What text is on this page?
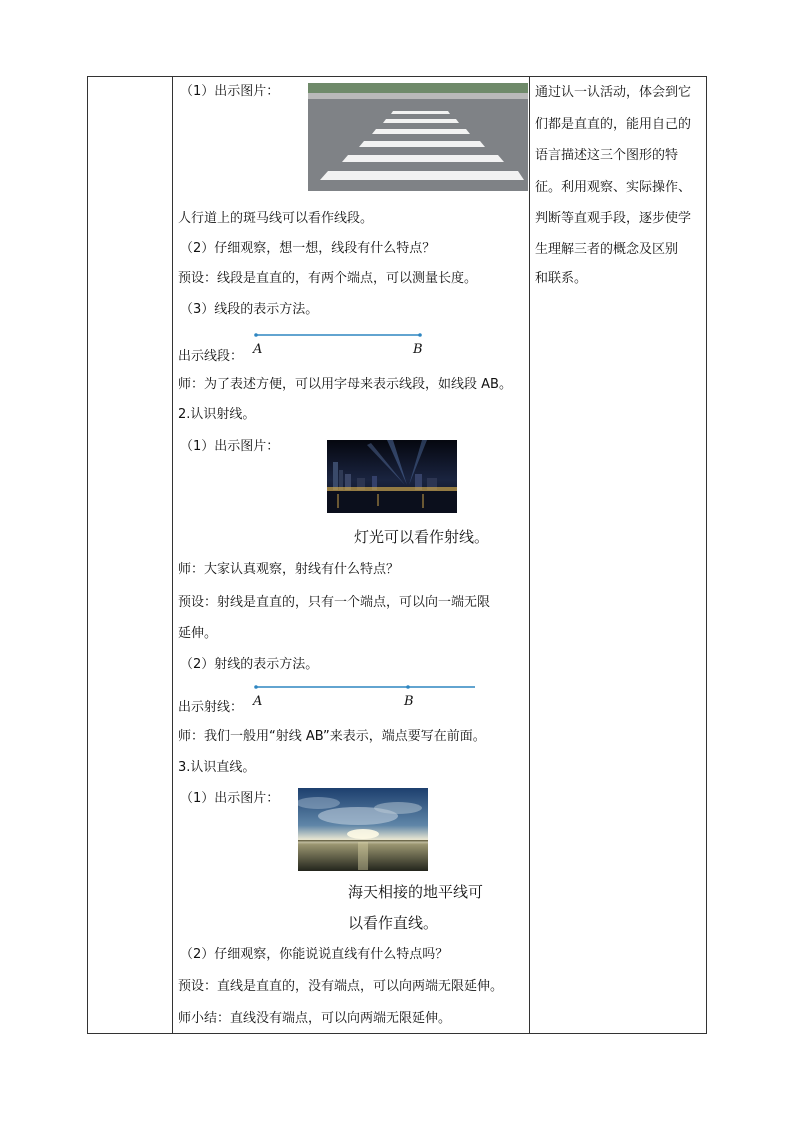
（1）出示图片：
人行道上的斑马线可以看作线段。
（2）仔细观察，想一想，线段有什么特点？
预设：线段是直直的，有两个端点，可以测量长度。
（3）线段的表示方法。
出示线段： A	B
师：为了表述方便，可以用字母来表示线段，如线段 AB。
2.认识射线。
（1）出示图片：
灯光可以看作射线。
师：大家认真观察，射线有什么特点？
预设：射线是直直的，只有一个端点，可以向一端无限
延伸。
（2）射线的表示方法。
出示射线： A	B
师：我们一般用“射线 AB”来表示，端点要写在前面。
3.认识直线。
（1）出示图片：
海天相接的地平线可
以看作直线。
（2）仔细观察，你能说说直线有什么特点吗？
预设：直线是直直的，没有端点，可以向两端无限延伸。
师小结：直线没有端点，可以向两端无限延伸。
通过认一认活动，体会到它
们都是直直的，能用自己的
语言描述这三个图形的特
征。利用观察、实际操作、
判断等直观手段，逐步使学
生理解三者的概念及区别
和联系。
